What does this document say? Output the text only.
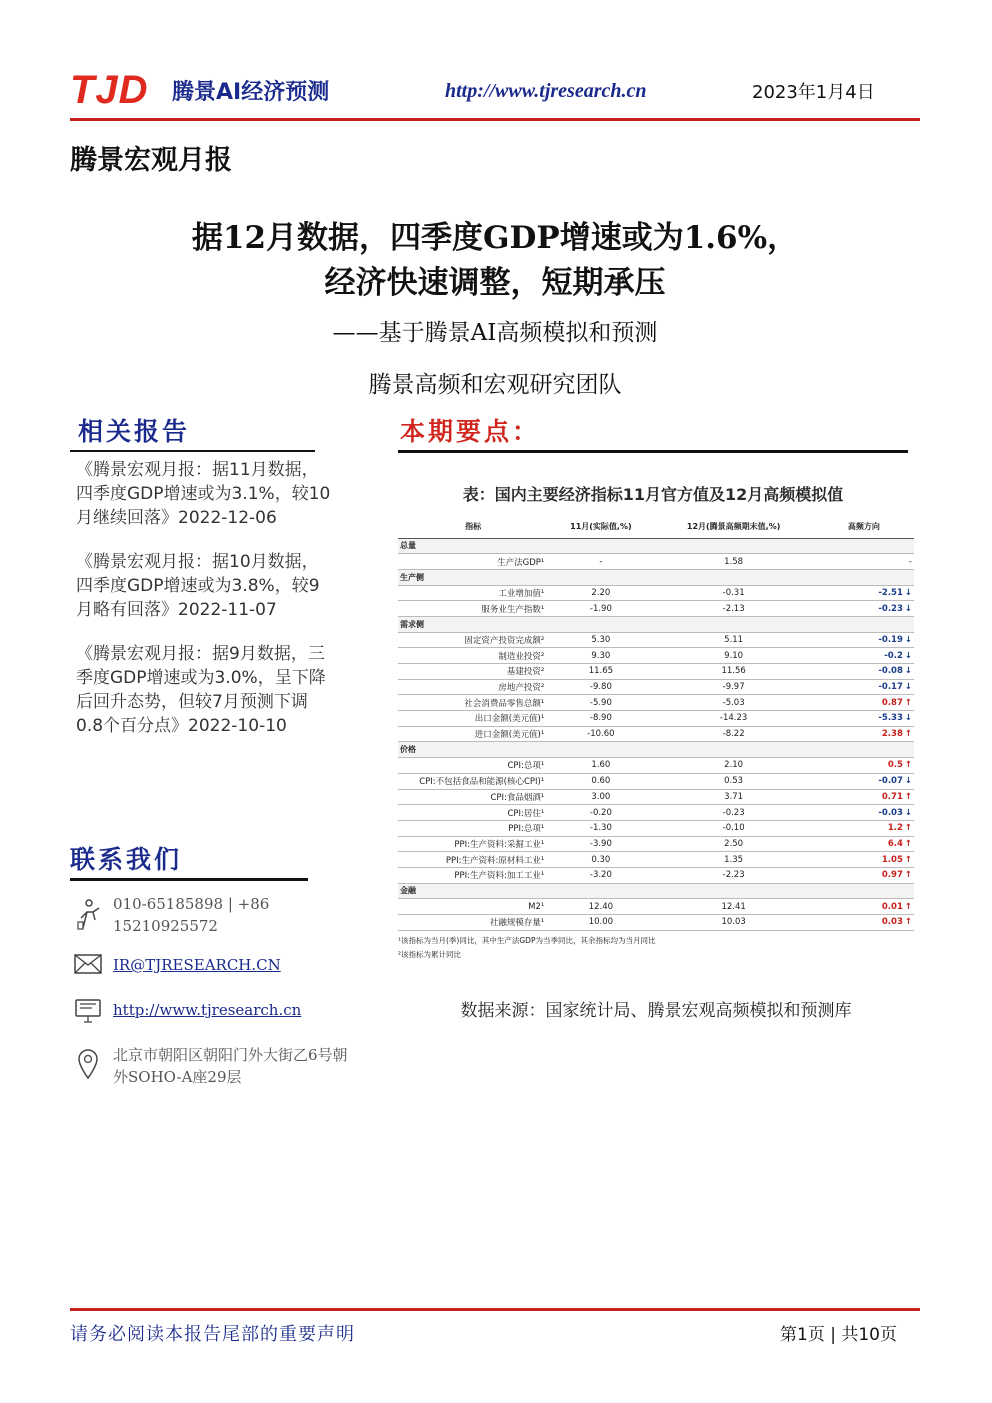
TJD 腾景AI经济预测	http://www.tjresearch.cn	2023年1月4日
腾景宏观月报
据12月数据，四季度GDP增速或为1.6%，
经济快速调整，短期承压
——基于腾景AI高频模拟和预测
腾景高频和宏观研究团队
相关报告
《腾景宏观月报：据11月数据，四季度GDP增速或为3.1%，较10月继续回落》2022-12-06
《腾景宏观月报：据10月数据，四季度GDP增速或为3.8%，较9月略有回落》2022-11-07
《腾景宏观月报：据9月数据，三季度GDP增速或为3.0%，呈下降后回升态势，但较7月预测下调0.8个百分点》2022-10-10
联系我们
010-65185898 | +86 15210925572
IR@TJRESEARCH.CN
http://www.tjresearch.cn
北京市朝阳区朝阳门外大街乙6号朝外SOHO-A座29层
本期要点：
表：国内主要经济指标11月官方值及12月高频模拟值
指标	11月(实际值,%)	12月(腾景高频期末值,%)	高频方向
总量			
生产法GDP¹	-	1.58	-
生产侧			
工业增加值¹	2.20	-0.31	-2.51 ↓
服务业生产指数¹	-1.90	-2.13	-0.23 ↓
需求侧			
固定资产投资完成额²	5.30	5.11	-0.19 ↓
制造业投资²	9.30	9.10	-0.2 ↓
基建投资²	11.65	11.56	-0.08 ↓
房地产投资²	-9.80	-9.97	-0.17 ↓
社会消费品零售总额¹	-5.90	-5.03	0.87 ↑
出口金额(美元值)¹	-8.90	-14.23	-5.33 ↓
进口金额(美元值)¹	-10.60	-8.22	2.38 ↑
价格			
CPI:总项¹	1.60	2.10	0.5 ↑
CPI:不包括食品和能源(核心CPI)¹	0.60	0.53	-0.07 ↓
CPI:食品烟酒¹	3.00	3.71	0.71 ↑
CPI:居住¹	-0.20	-0.23	-0.03 ↓
PPI:总项¹	-1.30	-0.10	1.2 ↑
PPI:生产资料:采掘工业¹	-3.90	2.50	6.4 ↑
PPI:生产资料:原材料工业¹	0.30	1.35	1.05 ↑
PPI:生产资料:加工工业¹	-3.20	-2.23	0.97 ↑
金融			
M2¹	12.40	12.41	0.01 ↑
社融规模存量¹	10.00	10.03	0.03 ↑
¹该指标为当月(季)同比，其中生产法GDP为当季同比，其余指标均为当月同比
²该指标为累计同比
数据来源：国家统计局、腾景宏观高频模拟和预测库
请务必阅读本报告尾部的重要声明	第1页 | 共10页
